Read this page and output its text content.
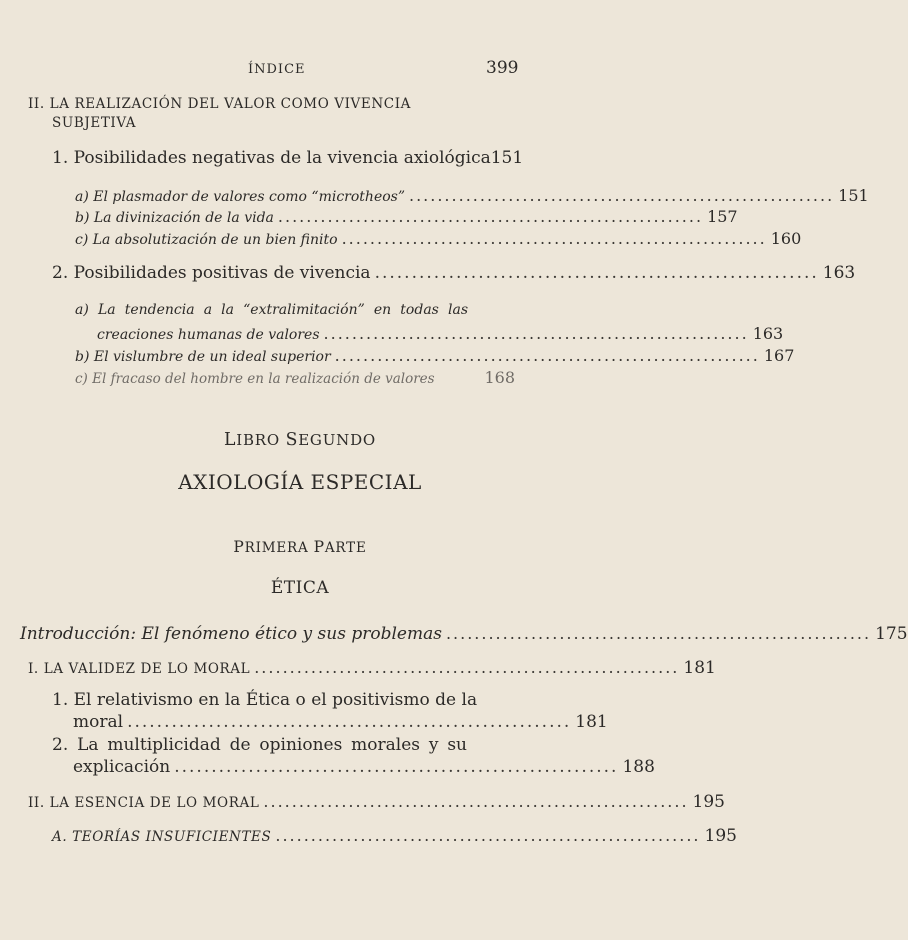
ÍNDICE	399
II. LA REALIZACIÓN DEL VALOR COMO VIVENCIA
SUBJETIVA
1. Posibilidades negativas de la vivencia axiológica 151
a) El plasmador de valores como “microtheos” ............................................................ 151
b) La divinización de la vida ............................................................ 157
c) La absolutización de un bien finito ............................................................ 160
2. Posibilidades positivas de vivencia ............................................................ 163
a) La tendencia a la “extralimitación” en todas las
creaciones humanas de valores ............................................................ 163
b) El vislumbre de un ideal superior ............................................................ 167
c) El fracaso del hombre en la realización de valores	168
LIBRO SEGUNDO
AXIOLOGÍA ESPECIAL
PRIMERA PARTE
ÉTICA
Introducción: El fenómeno ético y sus problemas ............................................................ 175
I. LA VALIDEZ DE LO MORAL ............................................................ 181
1. El relativismo en la Ética o el positivismo de la
moral ............................................................ 181
2. La multiplicidad de opiniones morales y su
explicación ............................................................ 188
II. LA ESENCIA DE LO MORAL ............................................................ 195
A. TEORÍAS INSUFICIENTES ............................................................ 195
